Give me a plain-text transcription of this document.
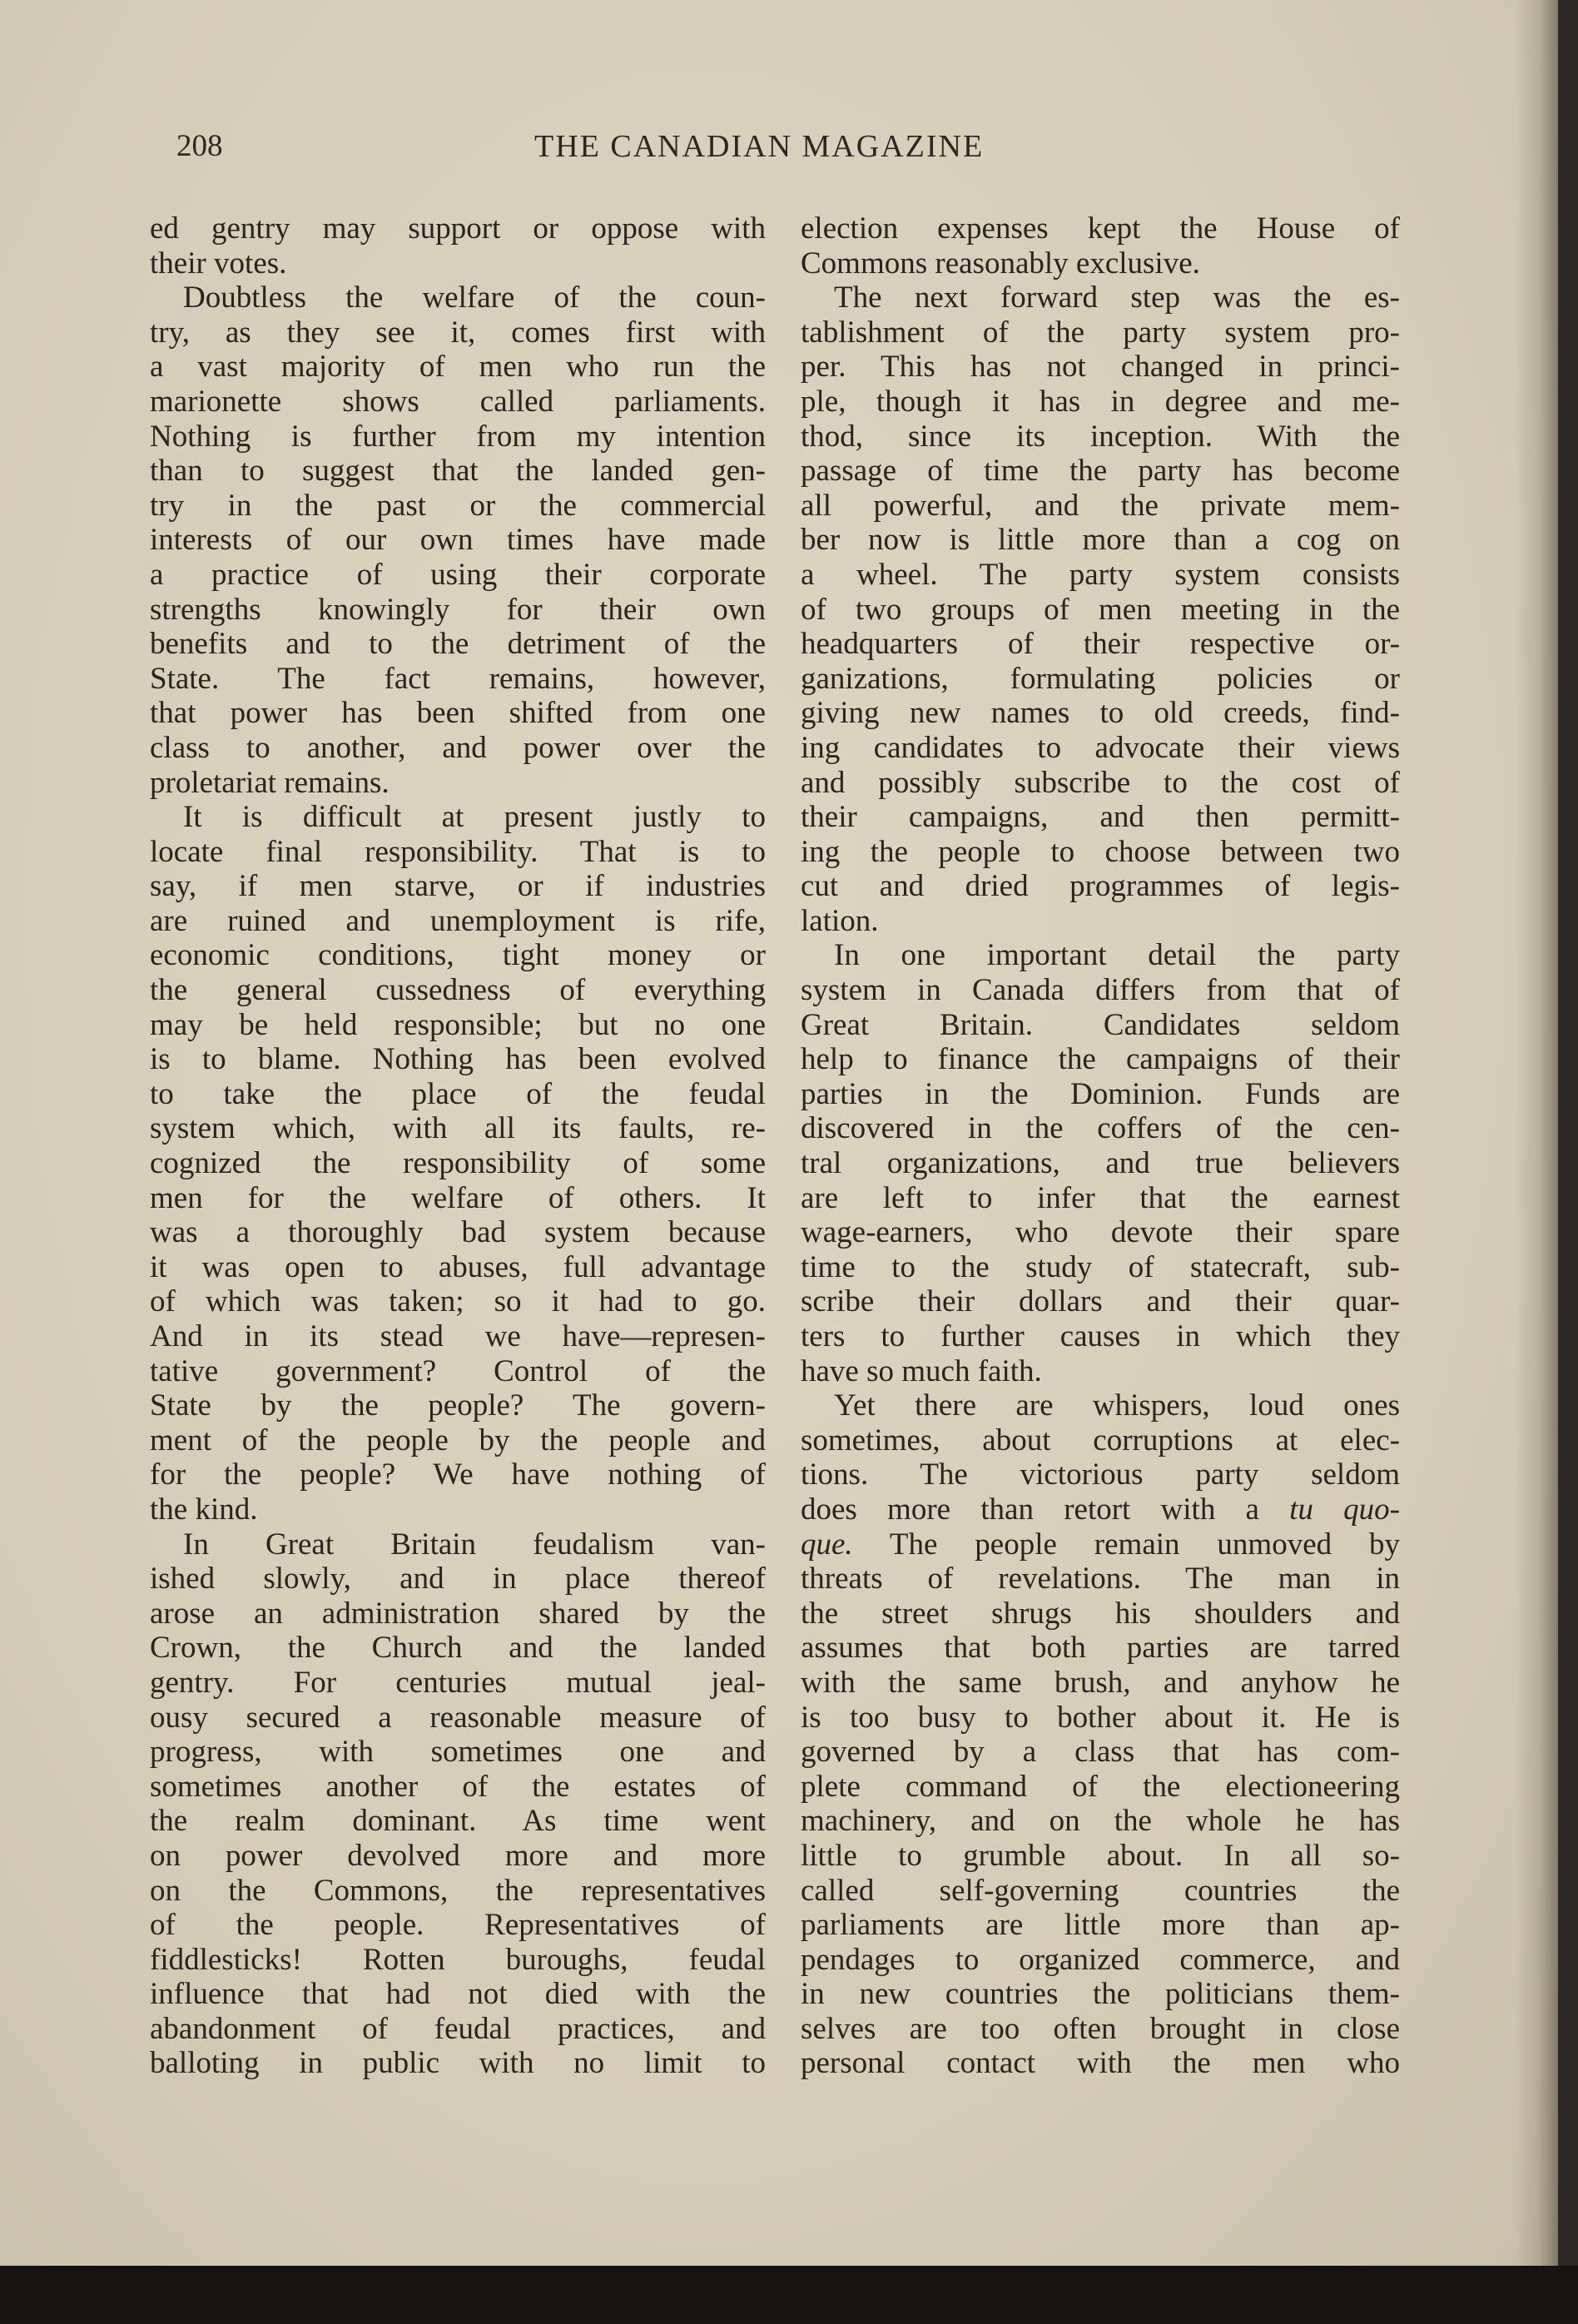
208	THE CANADIAN MAGAZINE
ed gentry may support or oppose with
their votes.
Doubtless the welfare of the coun-
try, as they see it, comes first with
a vast majority of men who run the
marionette shows called parliaments.
Nothing is further from my intention
than to suggest that the landed gen-
try in the past or the commercial
interests of our own times have made
a practice of using their corporate
strengths knowingly for their own
benefits and to the detriment of the
State. The fact remains, however,
that power has been shifted from one
class to another, and power over the
proletariat remains.
It is difficult at present justly to
locate final responsibility. That is to
say, if men starve, or if industries
are ruined and unemployment is rife,
economic conditions, tight money or
the general cussedness of everything
may be held responsible; but no one
is to blame. Nothing has been evolved
to take the place of the feudal
system which, with all its faults, re-
cognized the responsibility of some
men for the welfare of others. It
was a thoroughly bad system because
it was open to abuses, full advantage
of which was taken; so it had to go.
And in its stead we have—represen-
tative government? Control of the
State by the people? The govern-
ment of the people by the people and
for the people? We have nothing of
the kind.
In Great Britain feudalism van-
ished slowly, and in place thereof
arose an administration shared by the
Crown, the Church and the landed
gentry. For centuries mutual jeal-
ousy secured a reasonable measure of
progress, with sometimes one and
sometimes another of the estates of
the realm dominant. As time went
on power devolved more and more
on the Commons, the representatives
of the people. Representatives of
fiddlesticks! Rotten buroughs, feudal
influence that had not died with the
abandonment of feudal practices, and
balloting in public with no limit to
election expenses kept the House of
Commons reasonably exclusive.
The next forward step was the es-
tablishment of the party system pro-
per. This has not changed in princi-
ple, though it has in degree and me-
thod, since its inception. With the
passage of time the party has become
all powerful, and the private mem-
ber now is little more than a cog on
a wheel. The party system consists
of two groups of men meeting in the
headquarters of their respective or-
ganizations, formulating policies or
giving new names to old creeds, find-
ing candidates to advocate their views
and possibly subscribe to the cost of
their campaigns, and then permitt-
ing the people to choose between two
cut and dried programmes of legis-
lation.
In one important detail the party
system in Canada differs from that of
Great Britain. Candidates seldom
help to finance the campaigns of their
parties in the Dominion. Funds are
discovered in the coffers of the cen-
tral organizations, and true believers
are left to infer that the earnest
wage-earners, who devote their spare
time to the study of statecraft, sub-
scribe their dollars and their quar-
ters to further causes in which they
have so much faith.
Yet there are whispers, loud ones
sometimes, about corruptions at elec-
tions. The victorious party seldom
does more than retort with a tu quo-
que. The people remain unmoved by
threats of revelations. The man in
the street shrugs his shoulders and
assumes that both parties are tarred
with the same brush, and anyhow he
is too busy to bother about it. He is
governed by a class that has com-
plete command of the electioneering
machinery, and on the whole he has
little to grumble about. In all so-
called self-governing countries the
parliaments are little more than ap-
pendages to organized commerce, and
in new countries the politicians them-
selves are too often brought in close
personal contact with the men who
